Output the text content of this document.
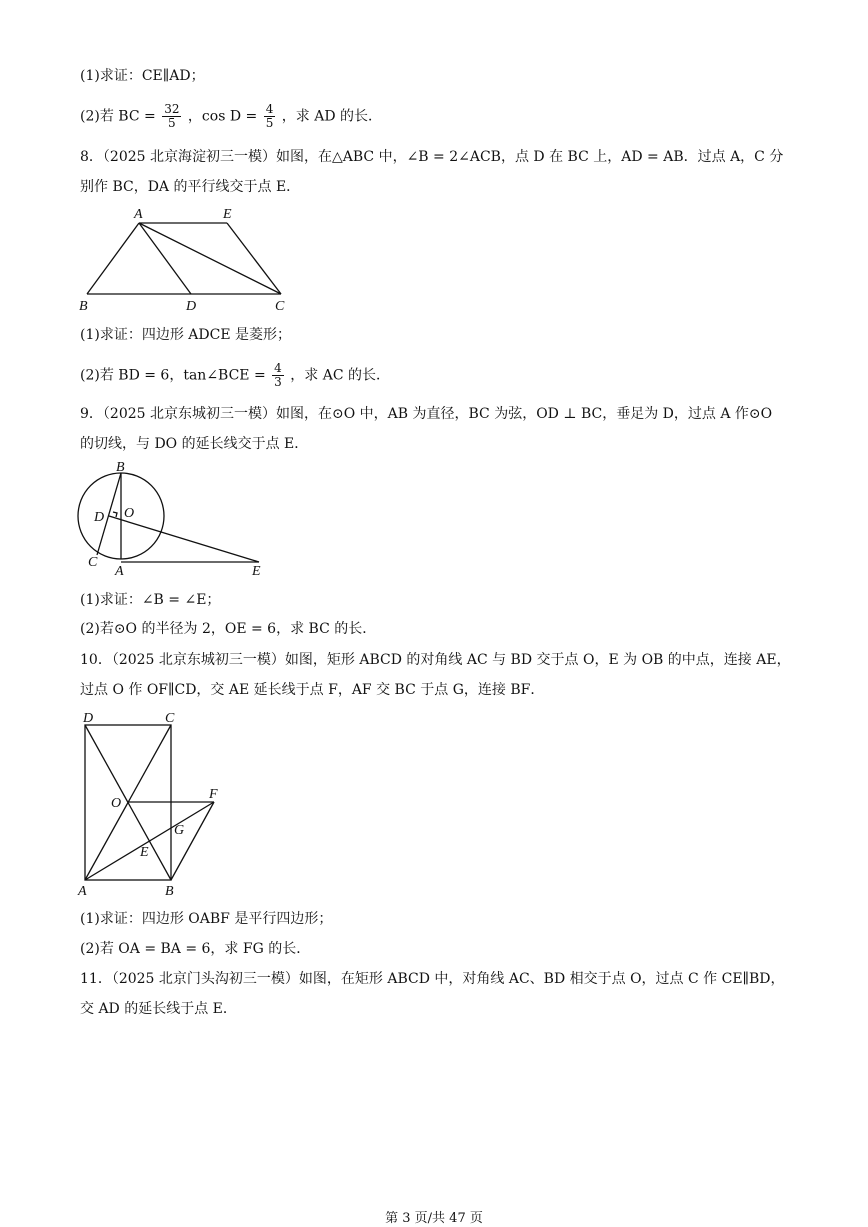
(1)求证：CE∥AD；
(2)若 BC = $\frac{32}{5}$ ，$\cos D = \frac{4}{5}$ ，求 AD 的长．
8．（2025 北京海淀初三一模）如图，在△ABC 中，∠B = 2∠ACB，点 D 在 BC 上，AD = AB．过点 A，C 分
别作 BC，DA 的平行线交于点 E．
A	E
B	D	C
(1)求证：四边形 ADCE 是菱形；
(2)若 BD = 6，tan∠BCE = $\frac{4}{3}$ ，求 AC 的长．
9．（2025 北京东城初三一模）如图，在⊙O 中，AB 为直径，BC 为弦，OD ⊥ BC，垂足为 D，过点 A 作⊙O
的切线，与 DO 的延长线交于点 E．
B
D O
C
A	E
(1)求证：∠B = ∠E；
(2)若⊙O 的半径为 2，OE = 6，求 BC 的长．
10．（2025 北京东城初三一模）如图，矩形 ABCD 的对角线 AC 与 BD 交于点 O，E 为 OB 的中点，连接 AE，
过点 O 作 OF∥CD，交 AE 延长线于点 F，AF 交 BC 于点 G，连接 BF．
D	C
O
F
G
E
A	B
(1)求证：四边形 OABF 是平行四边形；
(2)若 OA = BA = 6，求 FG 的长．
11．（2025 北京门头沟初三一模）如图，在矩形 ABCD 中，对角线 AC、BD 相交于点 O，过点 C 作 CE∥BD，
交 AD 的延长线于点 E．
第 3 页/共 47 页
